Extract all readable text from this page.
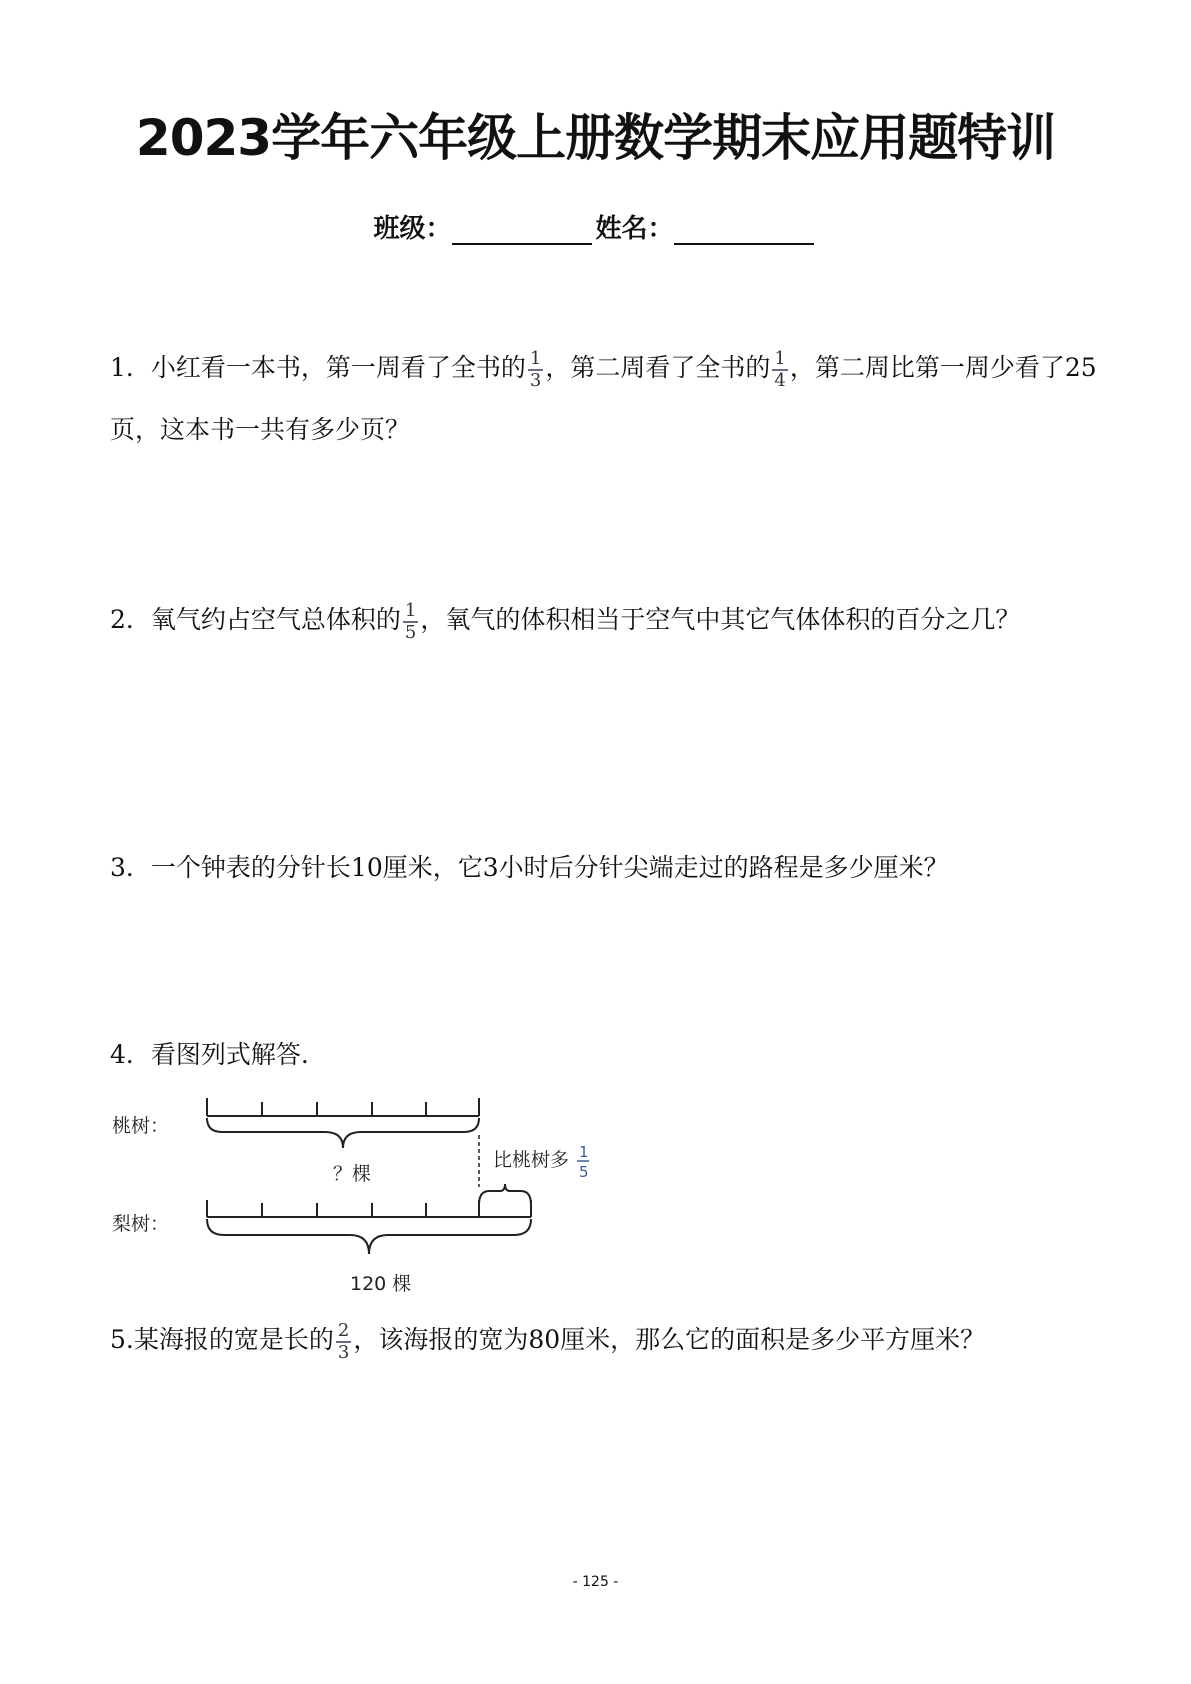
2023学年六年级上册数学期末应用题特训
班级：	姓名：
1．小红看一本书，第一周看了全书的 $\frac{1}{3}$ ，第二周看了全书的 $\frac{1}{4}$ ，第二周比第一周少看了25页，这本书一共有多少页？
2．氧气约占空气总体积的 $\frac{1}{5}$ ，氧气的体积相当于空气中其它气体体积的百分之几？
3．一个钟表的分针长10厘米，它3小时后分针尖端走过的路程是多少厘米？
4．看图列式解答.
桃树：
？棵
比桃树多 1
5
梨树：
120 棵
5.某海报的宽是长的 $\frac{2}{3}$ ，该海报的宽为80厘米，那么它的面积是多少平方厘米？
- 125 -
